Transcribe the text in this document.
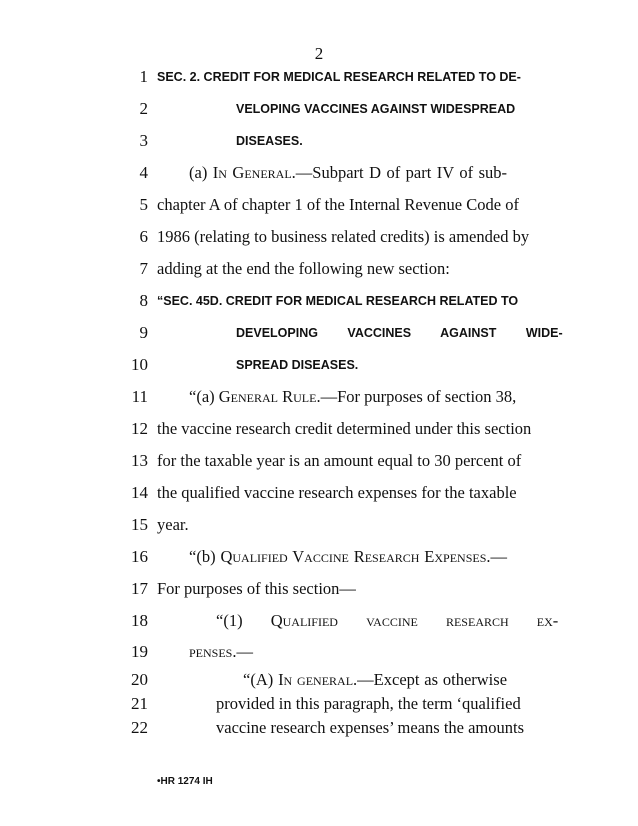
2
1 SEC. 2. CREDIT FOR MEDICAL RESEARCH RELATED TO DE-
2	VELOPING VACCINES AGAINST WIDESPREAD
3	DISEASES.
4 (a) In General.—Subpart D of part IV of sub-
5 chapter A of chapter 1 of the Internal Revenue Code of
6 1986 (relating to business related credits) is amended by
7 adding at the end the following new section:
8 “SEC. 45D. CREDIT FOR MEDICAL RESEARCH RELATED TO
9	DEVELOPING VACCINES AGAINST WIDE-
10	SPREAD DISEASES.
11 “(a) General Rule.—For purposes of section 38,
12 the vaccine research credit determined under this section
13 for the taxable year is an amount equal to 30 percent of
14 the qualified vaccine research expenses for the taxable
15 year.
16 “(b) Qualified Vaccine Research Expenses.—
17 For purposes of this section—
18	“(1) Qualified vaccine research ex-
19 penses.—
20	“(A) In general.—Except as otherwise
21	provided in this paragraph, the term ‘qualified
22	vaccine research expenses’ means the amounts
•HR 1274 IH
